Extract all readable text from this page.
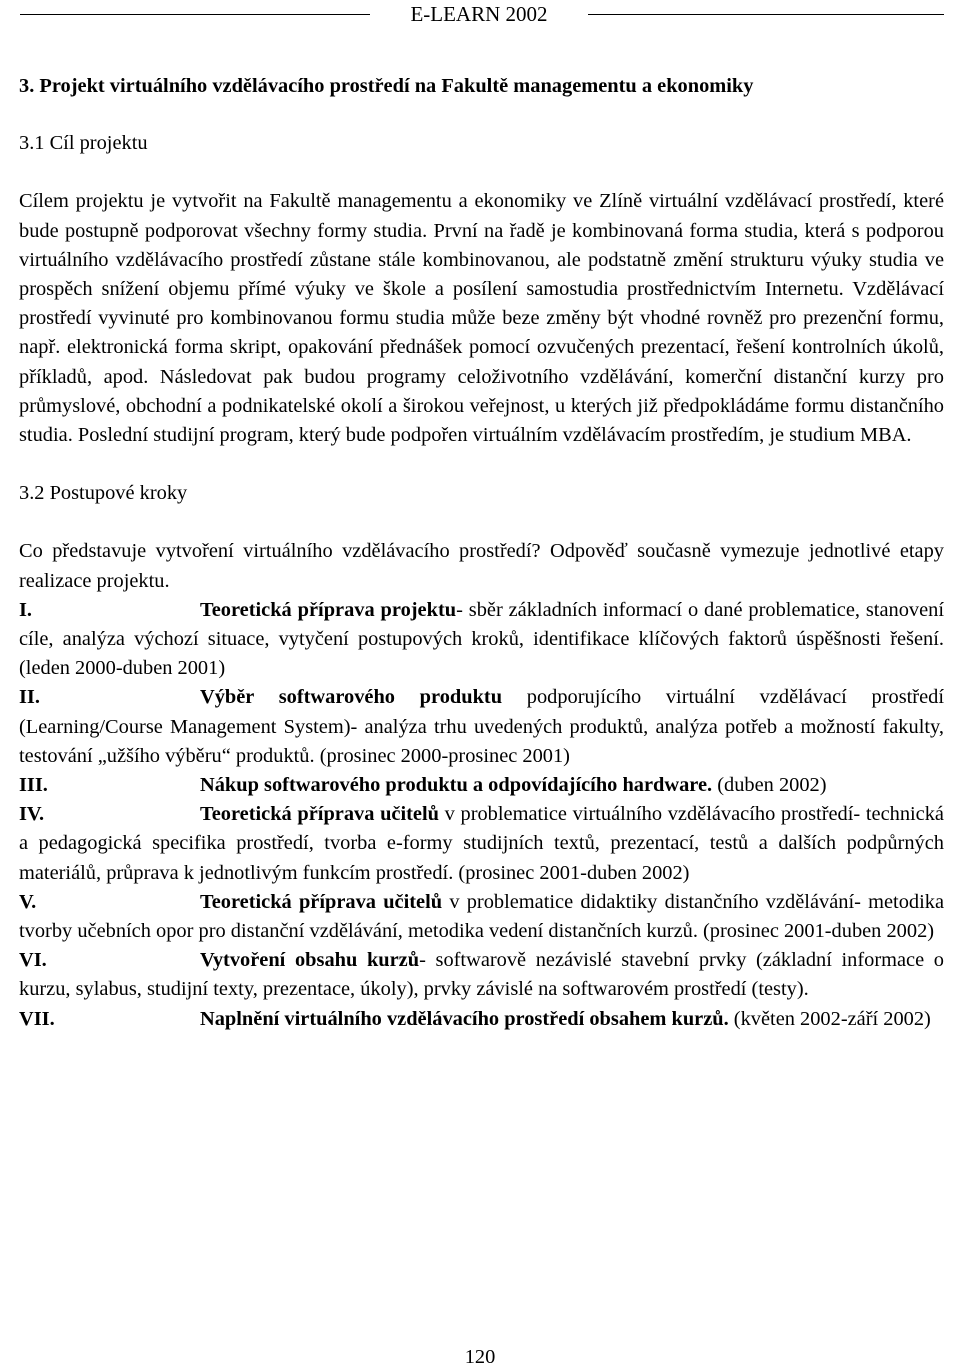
E-LEARN 2002
3. Projekt virtuálního vzdělávacího prostředí na Fakultě managementu a ekonomiky
3.1 Cíl projektu

Cílem projektu je vytvořit na Fakultě managementu a ekonomiky ve Zlíně virtuální vzdělávací prostředí, které bude postupně podporovat všechny formy studia. První na řadě je kombinovaná forma studia, která s podporou virtuálního vzdělávacího prostředí zůstane stále kombinovanou, ale podstatně změní strukturu výuky studia ve prospěch snížení objemu přímé výuky ve škole a posílení samostudia prostřednictvím Internetu. Vzdělávací prostředí vyvinuté pro kombinovanou formu studia může beze změny být vhodné rovněž pro prezenční formu, např. elektronická forma skript, opakování přednášek pomocí ozvučených prezentací, řešení kontrolních úkolů, příkladů, apod. Následovat pak budou programy celoživotního vzdělávání, komerční distanční kurzy pro průmyslové, obchodní a podnikatelské okolí a širokou veřejnost, u kterých již předpokládáme formu distančního studia. Poslední studijní program, který bude podpořen virtuálním vzdělávacím prostředím, je studium MBA.

3.2 Postupové kroky

Co představuje vytvoření virtuálního vzdělávacího prostředí? Odpověď současně vymezuje jednotlivé etapy realizace projektu.

I.	Teoretická příprava projektu- sběr základních informací o dané problematice, stanovení cíle, analýza výchozí situace, vytyčení postupových kroků, identifikace klíčových faktorů úspěšnosti řešení. (leden 2000-duben 2001)

II.	Výběr softwarového produktu podporujícího virtuální vzdělávací prostředí (Learning/Course Management System)- analýza trhu uvedených produktů, analýza potřeb a možností fakulty, testování „užšího výběru“ produktů. (prosinec 2000-prosinec 2001)

III.	Nákup softwarového produktu a odpovídajícího hardware. (duben 2002)

IV.	Teoretická příprava učitelů v problematice virtuálního vzdělávacího prostředí- technická a pedagogická specifika prostředí, tvorba e-formy studijních textů, prezentací, testů a dalších podpůrných materiálů, průprava k jednotlivým funkcím prostředí. (prosinec 2001-duben 2002)

V.	Teoretická příprava učitelů v problematice didaktiky distančního vzdělávání- metodika tvorby učebních opor pro distanční vzdělávání, metodika vedení distančních kurzů. (prosinec 2001-duben 2002)

VI.	Vytvoření obsahu kurzů- softwarově nezávislé stavební prvky (základní informace o kurzu, sylabus, studijní texty, prezentace, úkoly), prvky závislé na softwarovém prostředí (testy).

VII.	Naplnění virtuálního vzdělávacího prostředí obsahem kurzů. (květen 2002-září 2002)

120
